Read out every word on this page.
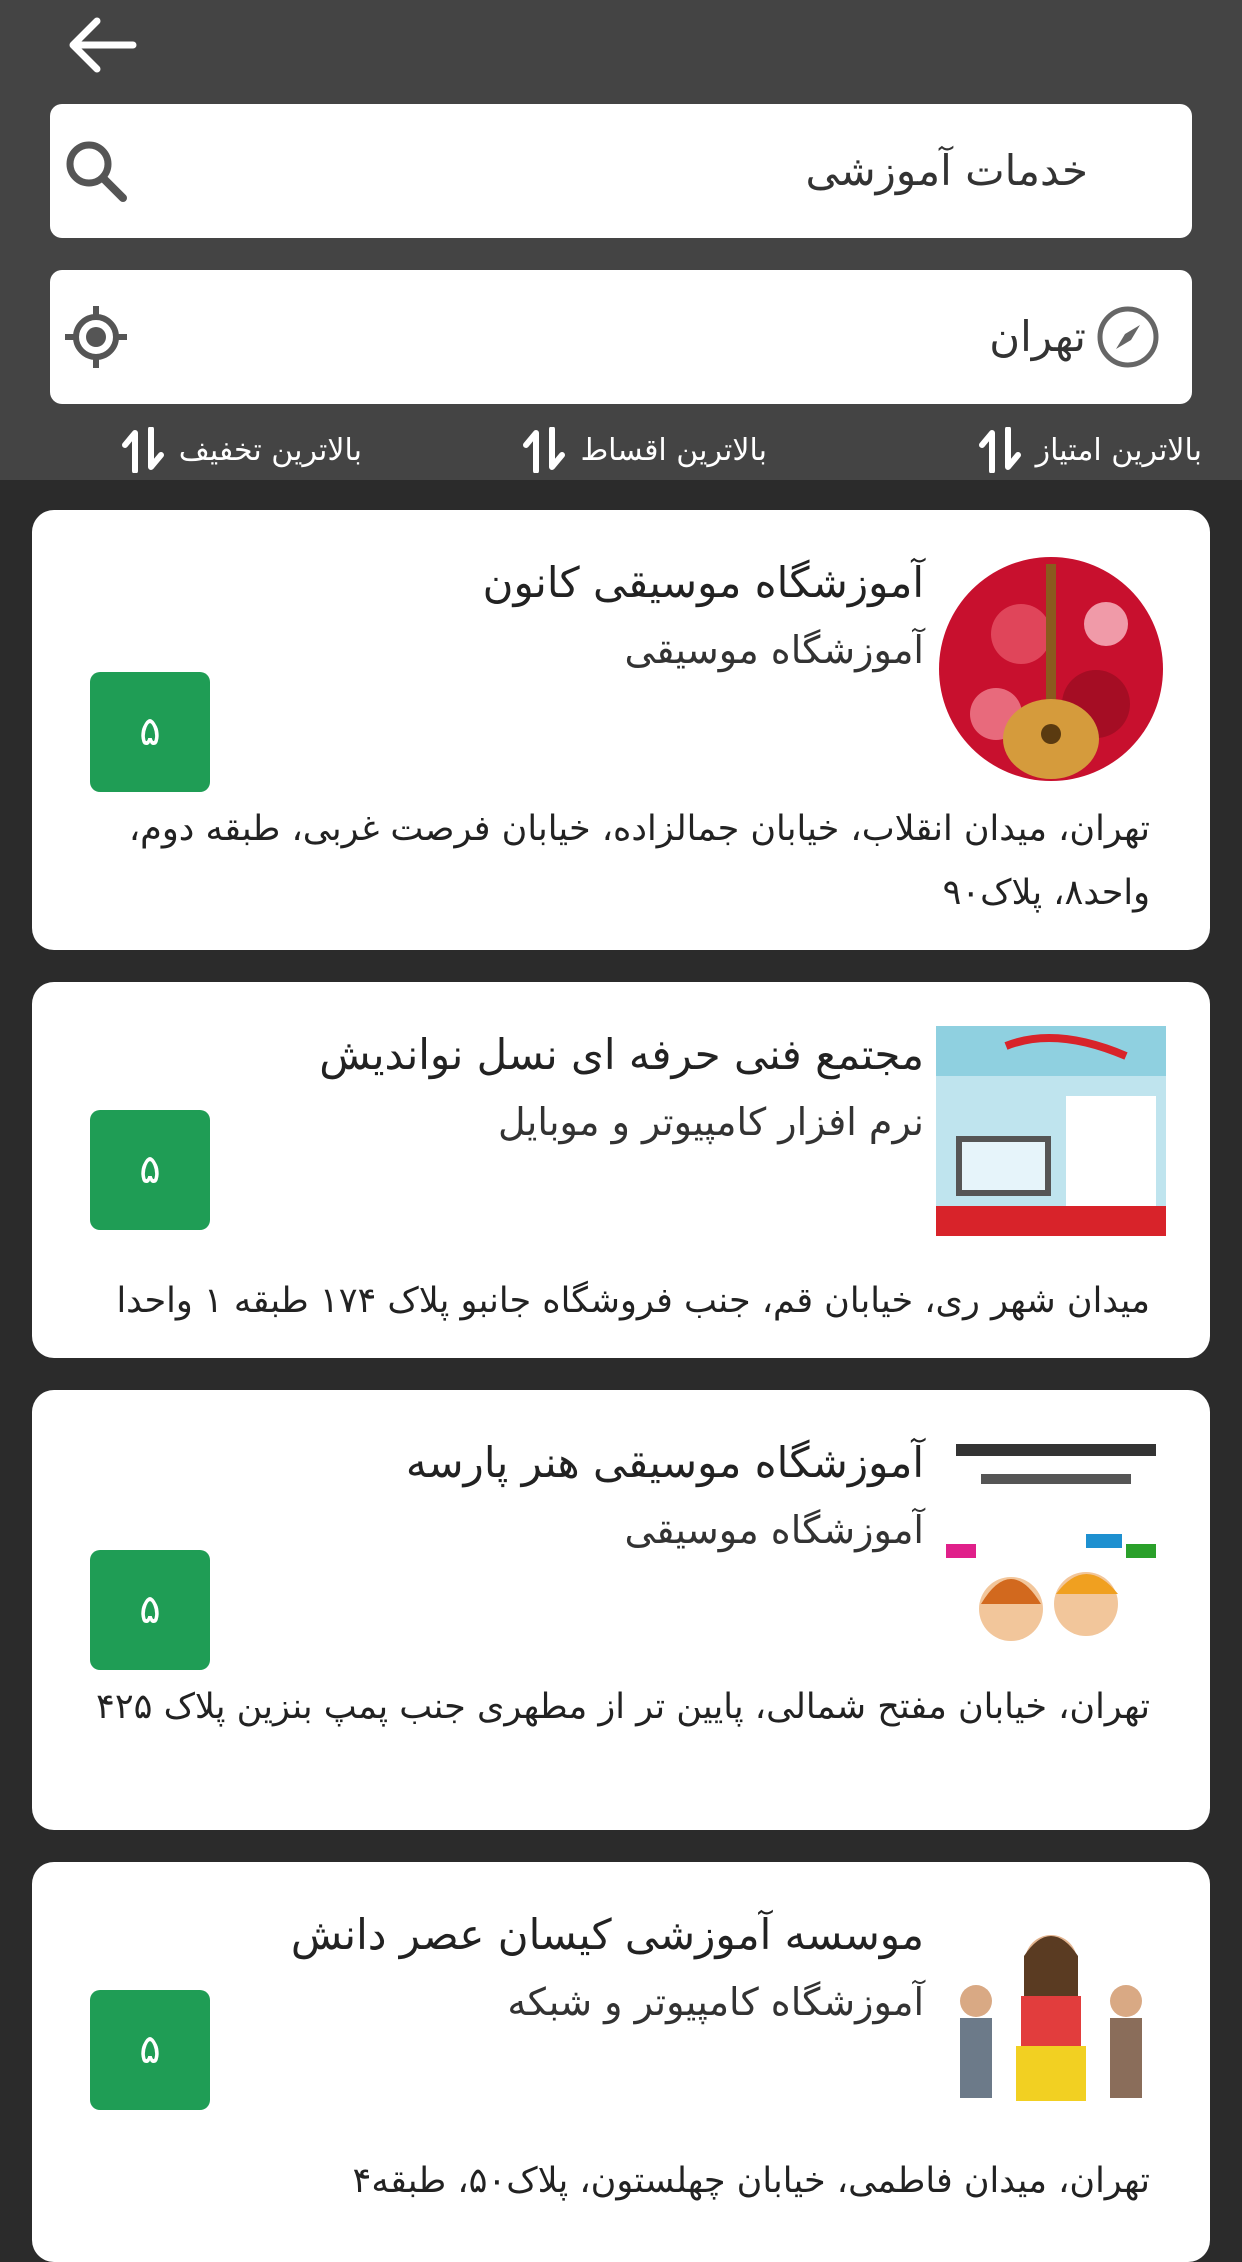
خدمات آموزشی
تهران
بالاترین امتیاز
بالاترین اقساط
بالاترین تخفیف
آموزشگاه موسیقی کانون
آموزشگاه موسیقی
۵
تهران، میدان انقلاب، خیابان جمالزاده، خیابان فرصت غربی، طبقه دوم، واحد۸، پلاک۹۰
مجتمع فنی حرفه ای نسل نواندیش
نرم افزار کامپیوتر و موبایل
۵
میدان شهر ری، خیابان قم، جنب فروشگاه جانبو پلاک ۱۷۴ طبقه ۱ واحدا
آموزشگاه موسیقی هنر پارسه
آموزشگاه موسیقی
۵
تهران، خیابان مفتح شمالی، پایین تر از مطهری جنب پمپ بنزین پلاک ۴۲۵
موسسه آموزشی کیسان عصر دانش
آموزشگاه کامپیوتر و شبکه
۵
تهران، میدان فاطمی، خیابان چهلستون، پلاک۵۰، طبقه۴
